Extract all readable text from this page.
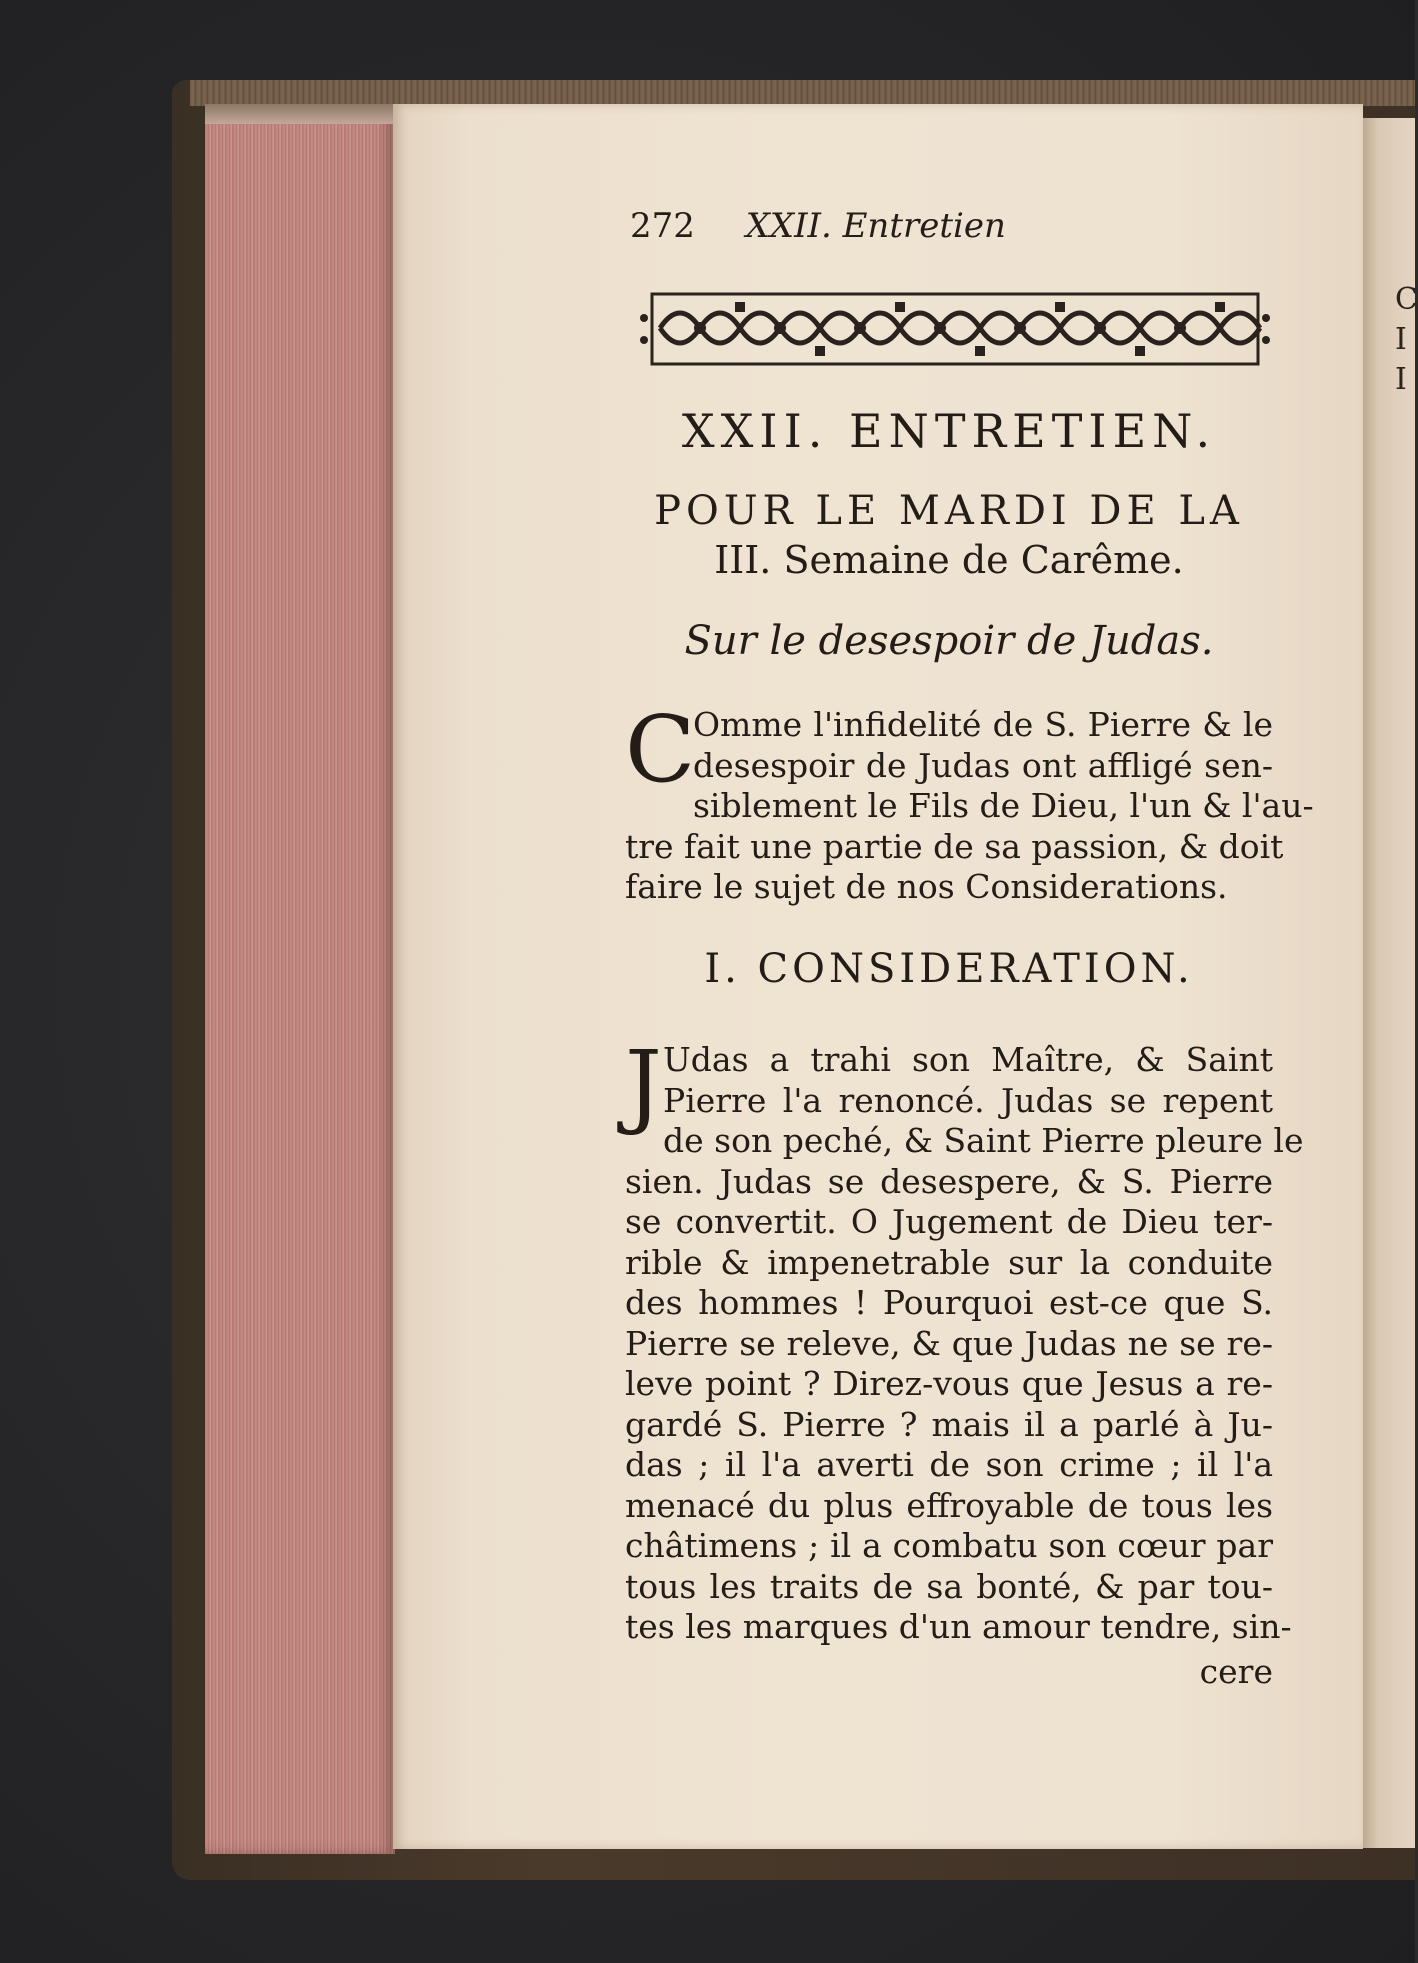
C
I
I
272 XXII. Entretien
XXII. ENTRETIEN.
POUR LE MARDI DE LA
III. Semaine de Carême.
Sur le desespoir de Judas.
C
Omme l'infidelité de S. Pierre & le
desespoir de Judas ont affligé sen-
siblement le Fils de Dieu, l'un & l'au-
tre fait une partie de sa passion, & doit
faire le sujet de nos Considerations.
I. CONSIDERATION.
J Udas a trahi son Maître, & Saint
Pierre l'a renoncé. Judas se repent
de son peché, & Saint Pierre pleure le
sien. Judas se desespere, & S. Pierre
se convertit. O Jugement de Dieu ter-
rible & impenetrable sur la conduite
des hommes ! Pourquoi est-ce que S.
Pierre se releve, & que Judas ne se re-
leve point ? Direz-vous que Jesus a re-
gardé S. Pierre ? mais il a parlé à Ju-
das ; il l'a averti de son crime ; il l'a
menacé du plus effroyable de tous les
châtimens ; il a combatu son cœur par
tous les traits de sa bonté, & par tou-
tes les marques d'un amour tendre, sin-
cere
